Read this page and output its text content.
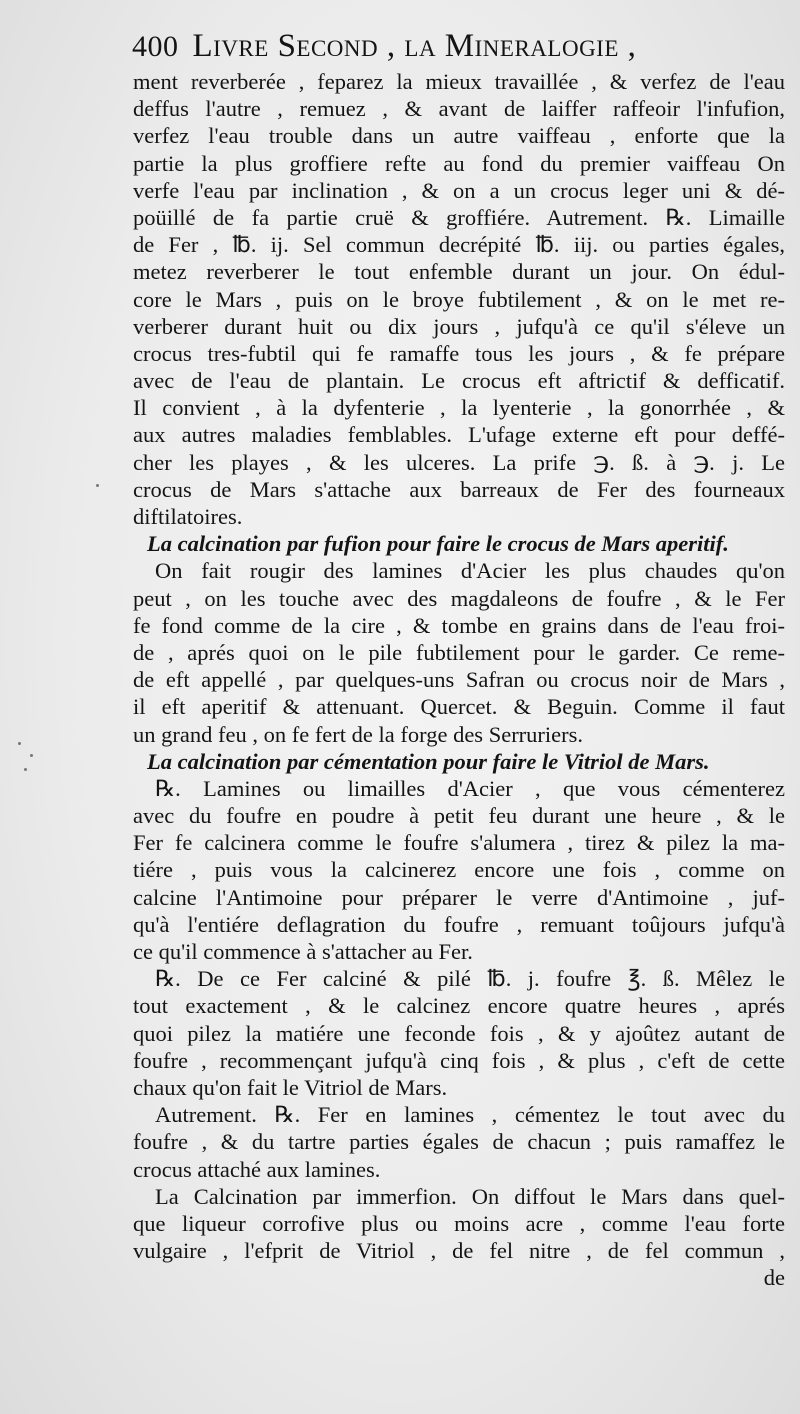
400 Livre Second , la Mineralogie ,
ment reverberée , feparez la mieux travaillée , & verfez de l'eau
deffus l'autre , remuez , & avant de laiffer raffeoir l'infufion,
verfez l'eau trouble dans un autre vaiffeau , enforte que la
partie la plus groffiere refte au fond du premier vaiffeau On
verfe l'eau par inclination , & on a un crocus leger uni & dé-
poüillé de fa partie cruë & groffiére. Autrement. ℞. Limaille
de Fer , ℔. ij. Sel commun decrépité ℔. iij. ou parties égales,
metez reverberer le tout enfemble durant un jour. On édul-
core le Mars , puis on le broye fubtilement , & on le met re-
verberer durant huit ou dix jours , jufqu'à ce qu'il s'éleve un
crocus tres-fubtil qui fe ramaffe tous les jours , & fe prépare
avec de l'eau de plantain. Le crocus eft aftrictif & defficatif.
Il convient , à la dyfenterie , la lyenterie , la gonorrhée , &
aux autres maladies femblables. L'ufage externe eft pour deffé-
cher les playes , & les ulceres. La prife ℈. ß. à ℈. j. Le
crocus de Mars s'attache aux barreaux de Fer des fourneaux
diftilatoires.
La calcination par fufion pour faire le crocus de Mars aperitif.
On fait rougir des lamines d'Acier les plus chaudes qu'on
peut , on les touche avec des magdaleons de foufre , & le Fer
fe fond comme de la cire , & tombe en grains dans de l'eau froi-
de , aprés quoi on le pile fubtilement pour le garder. Ce reme-
de eft appellé , par quelques-uns Safran ou crocus noir de Mars ,
il eft aperitif & attenuant. Quercet. & Beguin. Comme il faut
un grand feu , on fe fert de la forge des Serruriers.
La calcination par cémentation pour faire le Vitriol de Mars.
℞. Lamines ou limailles d'Acier , que vous cémenterez
avec du foufre en poudre à petit feu durant une heure , & le
Fer fe calcinera comme le foufre s'alumera , tirez & pilez la ma-
tiére , puis vous la calcinerez encore une fois , comme on
calcine l'Antimoine pour préparer le verre d'Antimoine , juf-
qu'à l'entiére deflagration du foufre , remuant toûjours jufqu'à
ce qu'il commence à s'attacher au Fer.
℞. De ce Fer calciné & pilé ℔. j. foufre ℥. ß. Mêlez le
tout exactement , & le calcinez encore quatre heures , aprés
quoi pilez la matiére une feconde fois , & y ajoûtez autant de
foufre , recommençant jufqu'à cinq fois , & plus , c'eft de cette
chaux qu'on fait le Vitriol de Mars.
Autrement. ℞. Fer en lamines , cémentez le tout avec du
foufre , & du tartre parties égales de chacun ; puis ramaffez le
crocus attaché aux lamines.
La Calcination par immerfion. On diffout le Mars dans quel-
que liqueur corrofive plus ou moins acre , comme l'eau forte
vulgaire , l'efprit de Vitriol , de fel nitre , de fel commun ,
de
